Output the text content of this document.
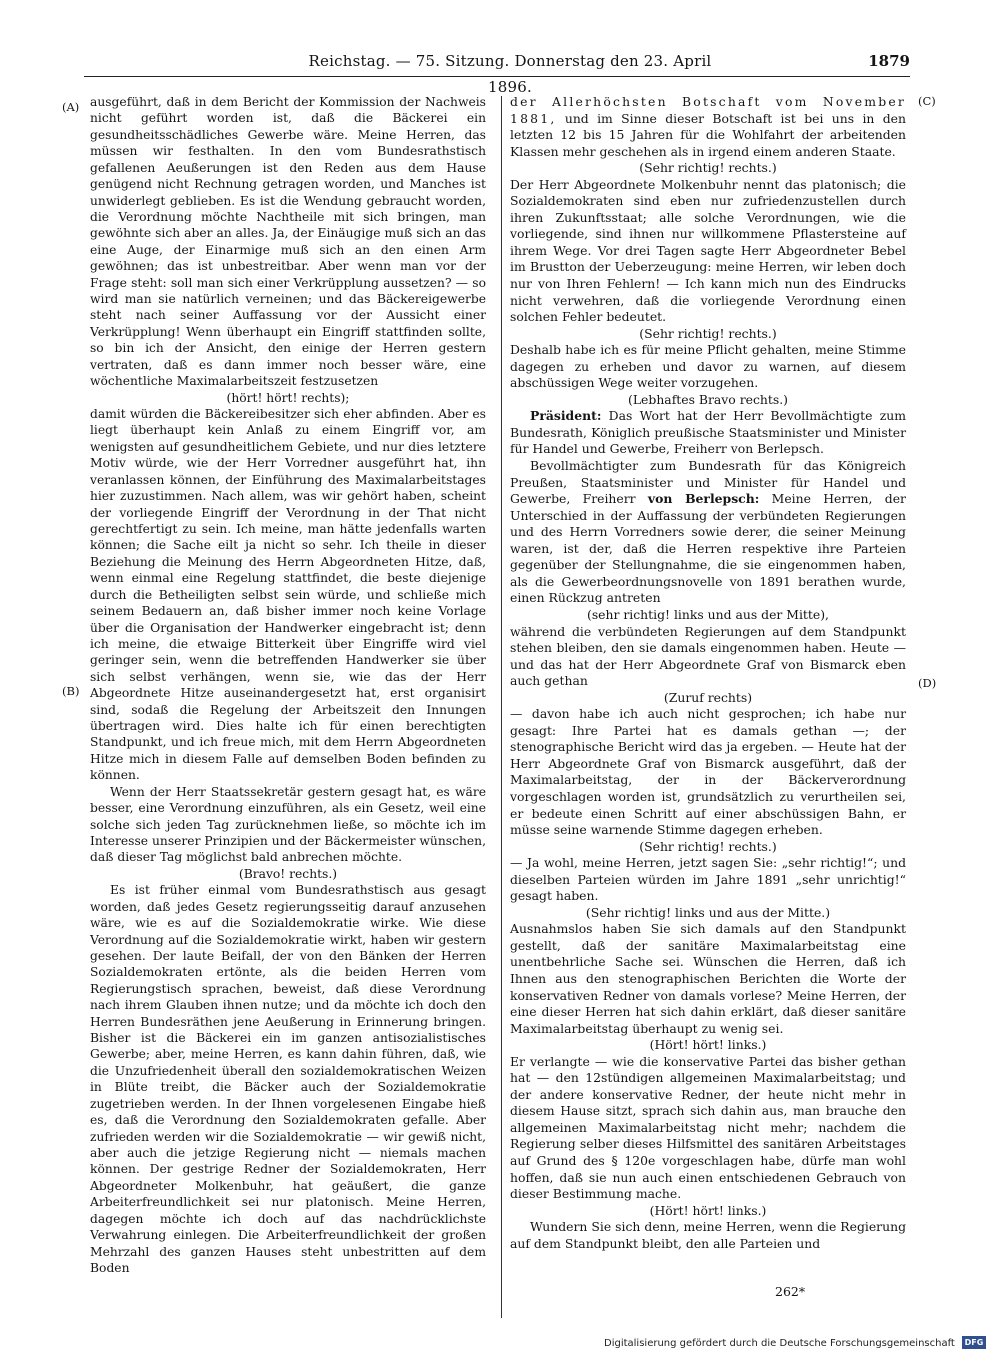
Reichstag. — 75. Sitzung. Donnerstag den 23. April 1896.
1879
(A)
(B)
(C)
(D)

ausgeführt, daß in dem Bericht der Kommission der Nachweis nicht geführt worden ist, daß die Bäckerei ein gesundheitsschädliches Gewerbe wäre. Meine Herren, das müssen wir festhalten. In den vom Bundesrathstisch gefallenen Aeußerungen ist den Reden aus dem Hause genügend nicht Rechnung getragen worden, und Manches ist unwiderlegt geblieben. Es ist die Wendung gebraucht worden, die Verordnung möchte Nachtheile mit sich bringen, man gewöhnte sich aber an alles. Ja, der Einäugige muß sich an das eine Auge, der Einarmige muß sich an den einen Arm gewöhnen; das ist unbestreitbar. Aber wenn man vor der Frage steht: soll man sich einer Verkrüpplung aussetzen? — so wird man sie natürlich verneinen; und das Bäckereigewerbe steht nach seiner Auffassung vor der Aussicht einer Verkrüpplung! Wenn überhaupt ein Eingriff stattfinden sollte, so bin ich der Ansicht, den einige der Herren gestern vertraten, daß es dann immer noch besser wäre, eine wöchentliche Maximalarbeitszeit festzusetzen

(hört! hört! rechts);

damit würden die Bäckereibesitzer sich eher abfinden. Aber es liegt überhaupt kein Anlaß zu einem Eingriff vor, am wenigsten auf gesundheitlichem Gebiete, und nur dies letztere Motiv würde, wie der Herr Vorredner ausgeführt hat, ihn veranlassen können, der Einführung des Maximalarbeitstages hier zuzustimmen. Nach allem, was wir gehört haben, scheint der vorliegende Eingriff der Verordnung in der That nicht gerechtfertigt zu sein. Ich meine, man hätte jedenfalls warten können; die Sache eilt ja nicht so sehr. Ich theile in dieser Beziehung die Meinung des Herrn Abgeordneten Hitze, daß, wenn einmal eine Regelung stattfindet, die beste diejenige durch die Betheiligten selbst sein würde, und schließe mich seinem Bedauern an, daß bisher immer noch keine Vorlage über die Organisation der Handwerker eingebracht ist; denn ich meine, die etwaige Bitterkeit über Eingriffe wird viel geringer sein, wenn die betreffenden Handwerker sie über sich selbst verhängen, wenn sie, wie das der Herr Abgeordnete Hitze auseinandergesetzt hat, erst organisirt sind, sodaß die Regelung der Arbeitszeit den Innungen übertragen wird. Dies halte ich für einen berechtigten Standpunkt, und ich freue mich, mit dem Herrn Abgeordneten Hitze mich in diesem Falle auf demselben Boden befinden zu können.

Wenn der Herr Staatssekretär gestern gesagt hat, es wäre besser, eine Verordnung einzuführen, als ein Gesetz, weil eine solche sich jeden Tag zurücknehmen ließe, so möchte ich im Interesse unserer Prinzipien und der Bäckermeister wünschen, daß dieser Tag möglichst bald anbrechen möchte.

(Bravo! rechts.)

Es ist früher einmal vom Bundesrathstisch aus gesagt worden, daß jedes Gesetz regierungsseitig darauf anzusehen wäre, wie es auf die Sozialdemokratie wirke. Wie diese Verordnung auf die Sozialdemokratie wirkt, haben wir gestern gesehen. Der laute Beifall, der von den Bänken der Herren Sozialdemokraten ertönte, als die beiden Herren vom Regierungstisch sprachen, beweist, daß diese Verordnung nach ihrem Glauben ihnen nutze; und da möchte ich doch den Herren Bundesräthen jene Aeußerung in Erinnerung bringen. Bisher ist die Bäckerei ein im ganzen antisozialistisches Gewerbe; aber, meine Herren, es kann dahin führen, daß, wie die Unzufriedenheit überall den sozialdemokratischen Weizen in Blüte treibt, die Bäcker auch der Sozialdemokratie zugetrieben werden. In der Ihnen vorgelesenen Eingabe hieß es, daß die Verordnung den Sozialdemokraten gefalle. Aber zufrieden werden wir die Sozialdemokratie — wir gewiß nicht, aber auch die jetzige Regierung nicht — niemals machen können. Der gestrige Redner der Sozialdemokraten, Herr Abgeordneter Molkenbuhr, hat geäußert, die ganze Arbeiterfreundlichkeit sei nur platonisch. Meine Herren, dagegen möchte ich doch auf das nachdrücklichste Verwahrung einlegen. Die Arbeiterfreundlichkeit der großen Mehrzahl des ganzen Hauses steht unbestritten auf dem Boden

der Allerhöchsten Botschaft vom November 1881, und im Sinne dieser Botschaft ist bei uns in den letzten 12 bis 15 Jahren für die Wohlfahrt der arbeitenden Klassen mehr geschehen als in irgend einem anderen Staate.

(Sehr richtig! rechts.)

Der Herr Abgeordnete Molkenbuhr nennt das platonisch; die Sozialdemokraten sind eben nur zufriedenzustellen durch ihren Zukunftsstaat; alle solche Verordnungen, wie die vorliegende, sind ihnen nur willkommene Pflastersteine auf ihrem Wege. Vor drei Tagen sagte Herr Abgeordneter Bebel im Brustton der Ueberzeugung: meine Herren, wir leben doch nur von Ihren Fehlern! — Ich kann mich nun des Eindrucks nicht verwehren, daß die vorliegende Verordnung einen solchen Fehler bedeutet.

(Sehr richtig! rechts.)

Deshalb habe ich es für meine Pflicht gehalten, meine Stimme dagegen zu erheben und davor zu warnen, auf diesem abschüssigen Wege weiter vorzugehen.

(Lebhaftes Bravo rechts.)

Präsident: Das Wort hat der Herr Bevollmächtigte zum Bundesrath, Königlich preußische Staatsminister und Minister für Handel und Gewerbe, Freiherr von Berlepsch.

Bevollmächtigter zum Bundesrath für das Königreich Preußen, Staatsminister und Minister für Handel und Gewerbe, Freiherr von Berlepsch: Meine Herren, der Unterschied in der Auffassung der verbündeten Regierungen und des Herrn Vorredners sowie derer, die seiner Meinung waren, ist der, daß die Herren respektive ihre Parteien gegenüber der Stellungnahme, die sie eingenommen haben, als die Gewerbeordnungsnovelle von 1891 berathen wurde, einen Rückzug antreten

(sehr richtig! links und aus der Mitte),

während die verbündeten Regierungen auf dem Standpunkt stehen bleiben, den sie damals eingenommen haben. Heute — und das hat der Herr Abgeordnete Graf von Bismarck eben auch gethan

(Zuruf rechts)

— davon habe ich auch nicht gesprochen; ich habe nur gesagt: Ihre Partei hat es damals gethan —; der stenographische Bericht wird das ja ergeben. — Heute hat der Herr Abgeordnete Graf von Bismarck ausgeführt, daß der Maximalarbeitstag, der in der Bäckerverordnung vorgeschlagen worden ist, grundsätzlich zu verurtheilen sei, er bedeute einen Schritt auf einer abschüssigen Bahn, er müsse seine warnende Stimme dagegen erheben.

(Sehr richtig! rechts.)

— Ja wohl, meine Herren, jetzt sagen Sie: „sehr richtig!“; und dieselben Parteien würden im Jahre 1891 „sehr unrichtig!“ gesagt haben.

(Sehr richtig! links und aus der Mitte.)

Ausnahmslos haben Sie sich damals auf den Standpunkt gestellt, daß der sanitäre Maximalarbeitstag eine unentbehrliche Sache sei. Wünschen die Herren, daß ich Ihnen aus den stenographischen Berichten die Worte der konservativen Redner von damals vorlese? Meine Herren, der eine dieser Herren hat sich dahin erklärt, daß dieser sanitäre Maximalarbeitstag überhaupt zu wenig sei.

(Hört! hört! links.)

Er verlangte — wie die konservative Partei das bisher gethan hat — den 12stündigen allgemeinen Maximalarbeitstag; und der andere konservative Redner, der heute nicht mehr in diesem Hause sitzt, sprach sich dahin aus, man brauche den allgemeinen Maximalarbeitstag nicht mehr; nachdem die Regierung selber dieses Hilfsmittel des sanitären Arbeitstages auf Grund des § 120e vorgeschlagen habe, dürfe man wohl hoffen, daß sie nun auch einen entschiedenen Gebrauch von dieser Bestimmung mache.

(Hört! hört! links.)

Wundern Sie sich denn, meine Herren, wenn die Regierung auf dem Standpunkt bleibt, den alle Parteien und

262*
Digitalisierung gefördert durch die Deutsche Forschungsgemeinschaft	DFG
